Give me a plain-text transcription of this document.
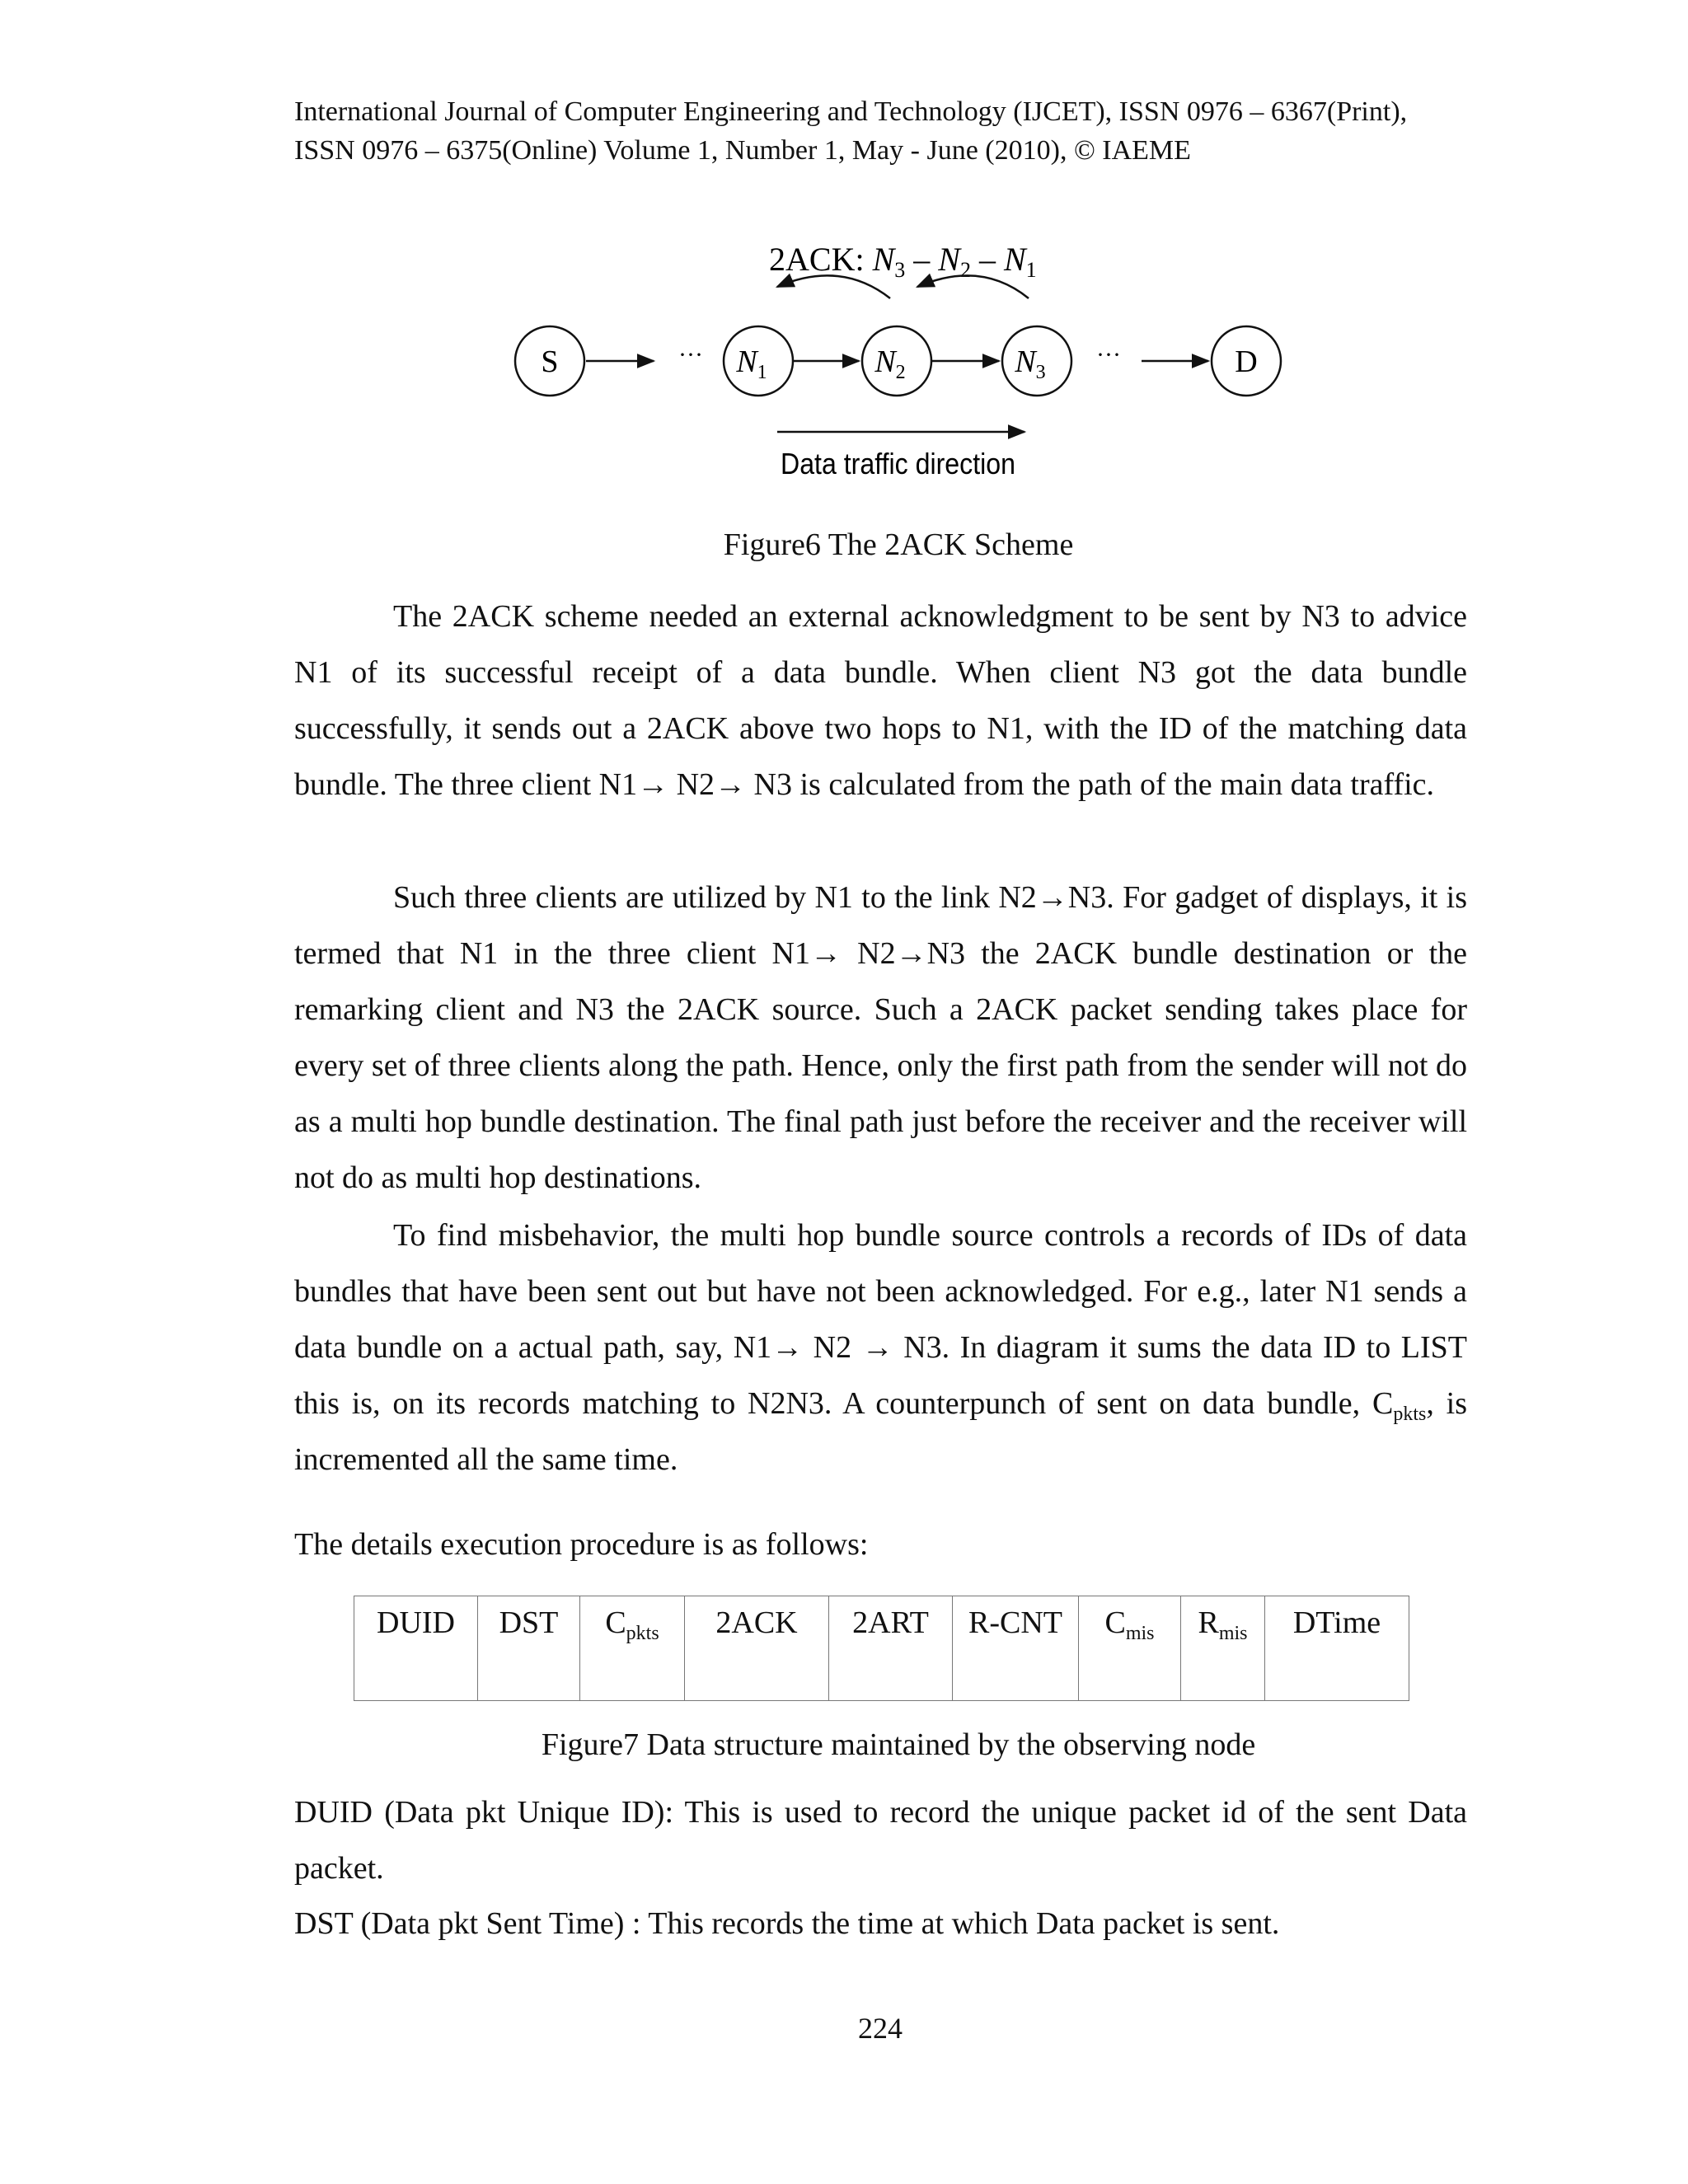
International Journal of Computer Engineering and Technology (IJCET), ISSN 0976 – 6367(Print),
ISSN 0976 – 6375(Online) Volume 1, Number 1, May - June (2010), © IAEME
2ACK: $N_3 - N_2 - N_1$
S	$N_1$	$N_2$	$N_3$	D
···	···
Data traffic direction
Figure6 The 2ACK Scheme

The 2ACK scheme needed an external acknowledgment to be sent by N3 to advice N1 of its successful receipt of a data bundle. When client N3 got the data bundle successfully, it sends out a 2ACK above two hops to N1, with the ID of the matching data bundle. The three client N1→ N2→ N3 is calculated from the path of the main data traffic.

Such three clients are utilized by N1 to the link N2→N3. For gadget of displays, it is termed that N1 in the three client N1→ N2→N3 the 2ACK bundle destination or the remarking client and N3 the 2ACK source. Such a 2ACK packet sending takes place for every set of three clients along the path. Hence, only the first path from the sender will not do as a multi hop bundle destination. The final path just before the receiver and the receiver will not do as multi hop destinations.

To find misbehavior, the multi hop bundle source controls a records of IDs of data bundles that have been sent out but have not been acknowledged. For e.g., later N1 sends a data bundle on a actual path, say, N1→ N2 → N3. In diagram it sums the data ID to LIST this is, on its records matching to N2N3. A counterpunch of sent on data bundle, $C_{pkts}$, is incremented all the same time.

The details execution procedure is as follows:

DUID	DST	$C_{pkts}$	2ACK	2ART	R-CNT	$C_{mis}$	$R_{mis}$	DTime
Figure7 Data structure maintained by the observing node

DUID (Data pkt Unique ID): This is used to record the unique packet id of the sent Data packet.

DST (Data pkt Sent Time) : This records the time at which Data packet is sent.

224
